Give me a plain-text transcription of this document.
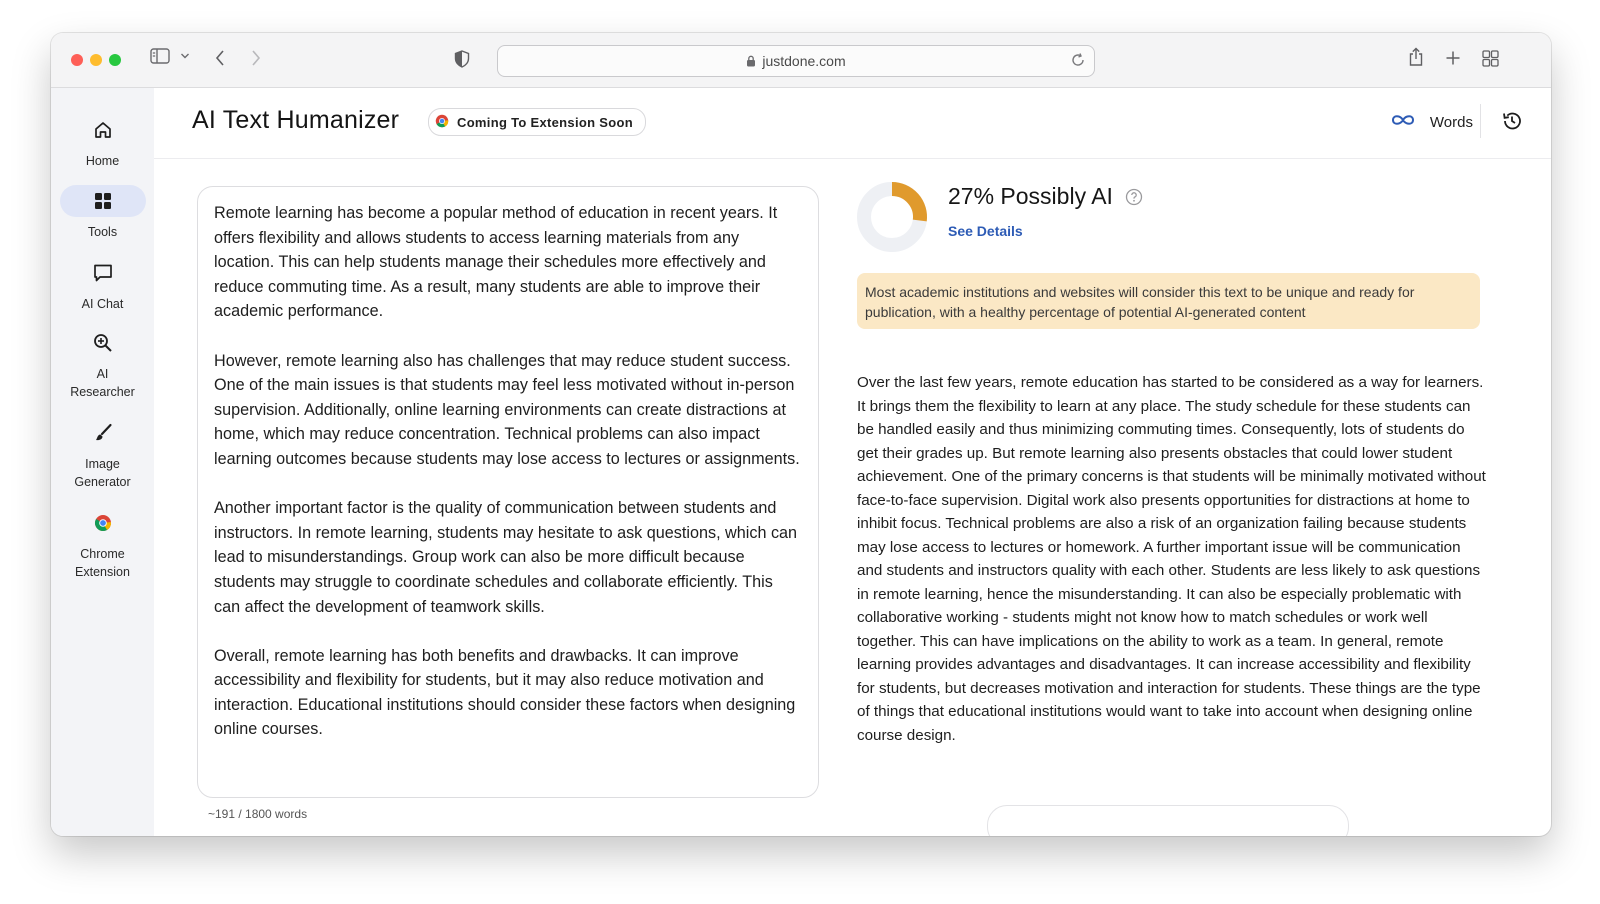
justdone.com
Home
Tools
AI Chat
AI
Researcher
Image
Generator
Chrome
Extension
AI Text Humanizer	Coming To Extension Soon	Words

Remote learning has become a popular method of education in recent years. It offers flexibility and allows students to access learning materials from any location. This can help students manage their schedules more effectively and reduce commuting time. As a result, many students are able to improve their academic performance.

However, remote learning also has challenges that may reduce student success. One of the main issues is that students may feel less motivated without in-person supervision. Additionally, online learning environments can create distractions at home, which may reduce concentration. Technical problems can also impact learning outcomes because students may lose access to lectures or assignments.

Another important factor is the quality of communication between students and instructors. In remote learning, students may hesitate to ask questions, which can lead to misunderstandings. Group work can also be more difficult because students may struggle to coordinate schedules and collaborate efficiently. This can affect the development of teamwork skills.

Overall, remote learning has both benefits and drawbacks. It can improve accessibility and flexibility for students, but it may also reduce motivation and interaction. Educational institutions should consider these factors when designing online courses.

~191 / 1800 words
27% Possibly AI
See Details
Most academic institutions and websites will consider this text to be unique and ready for publication, with a healthy percentage of potential AI-generated content
Over the last few years, remote education has started to be considered as a way for learners. It brings them the flexibility to learn at any place. The study schedule for these students can be handled easily and thus minimizing commuting times. Consequently, lots of students do get their grades up. But remote learning also presents obstacles that could lower student achievement. One of the primary concerns is that students will be minimally motivated without face-to-face supervision. Digital work also presents opportunities for distractions at home to inhibit focus. Technical problems are also a risk of an organization failing because students may lose access to lectures or homework. A further important issue will be communication and students and instructors quality with each other. Students are less likely to ask questions in remote learning, hence the misunderstanding. It can also be especially problematic with collaborative working - students might not know how to match schedules or work well together. This can have implications on the ability to work as a team. In general, remote learning provides advantages and disadvantages. It can increase accessibility and flexibility for students, but decreases motivation and interaction for students. These things are the type of things that educational institutions would want to take into account when designing online course design.
